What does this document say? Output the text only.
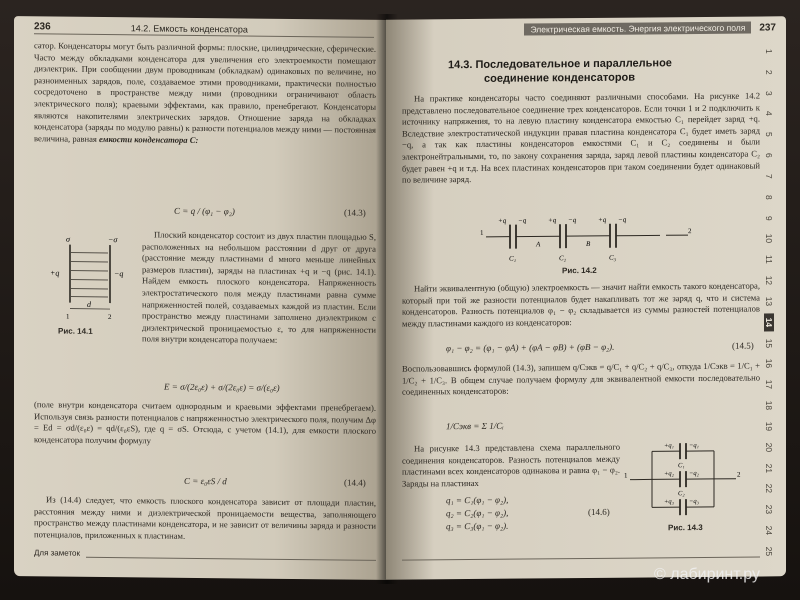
236	14.2. Емкость конденсатора
сатор. Конденсаторы могут быть различной формы: плоские, цилиндрические, сферические. Часто между обкладками конденсатора для увеличения его электроемкости помещают диэлектрик. При сообщении двум проводникам (обкладкам) одинаковых по величине, но разноименных зарядов, поле, создаваемое этими проводниками, практически полностью сосредоточено в пространстве между ними (проводники ограничивают область электрического поля); краевыми эффектами, как правило, пренебрегают. Конденсаторы являются накопителями электрических зарядов. Отношение заряда на обкладках конденсатора (заряды по модулю равны) к разности потенциалов между ними — постоянная величина, равная емкости конденсатора C:
C = q / (φ₁ − φ₂)	(14.3)
σ	−σ
+q	−q
d
1	2
Рис. 14.1
Плоский конденсатор состоит из двух пластин площадью S, расположенных на небольшом расстоянии d друг от друга (расстояние между пластинами d много меньше линейных размеров пластин), заряды на пластинах +q и −q (рис. 14.1). Найдем емкость плоского конденсатора. Напряженность электростатического поля между пластинами равна сумме напряженностей полей, создаваемых каждой из пластин. Если пространство между пластинами заполнено диэлектриком с диэлектрической проницаемостью ε, то для напряженности поля внутри конденсатора получаем:
E = σ/(2ε₀ε) + σ/(2ε₀ε) = σ/(ε₀ε)
(поле внутри конденсатора считаем однородным и краевыми эффектами пренебрегаем). Используя связь разности потенциалов с напряженностью электрического поля, получим Δφ = Ed = σd/(ε₀ε) = qd/(ε₀εS), где q = σS. Отсюда, с учетом (14.1), для емкости плоского конденсатора получим формулу
C = ε₀εS / d	(14.4)
Из (14.4) следует, что емкость плоского конденсатора зависит от площади пластин, расстояния между ними и диэлектрической проницаемости вещества, заполняющего пространство между пластинами конденсатора, и не зависит от величины заряда и разности потенциалов, приложенных к пластинам.
Для заметок
Электрическая емкость. Энергия электрического поля	237
14.3. Последовательное и параллельное
соединение конденсаторов
На практике конденсаторы часто соединяют различными способами. На рисунке 14.2 представлено последовательное соединение трех конденсаторов. Если точки 1 и 2 подключить к источнику напряжения, то на левую пластину конденсатора емкостью C₁ перейдет заряд +q. Вследствие электростатической индукции правая пластина конденсатора C₁ будет иметь заряд −q, а так как пластины конденсаторов емкостями C₁ и C₂ соединены и были электронейтральными, то, по закону сохранения заряда, заряд левой пластины конденсатора C₂ будет равен +q и т.д. На всех пластинах конденсаторов при таком соединении будет одинаковый по величине заряд.
1	2
+q −q	+q −q	+q −q
C₁
A
C₂
B
C₃
Рис. 14.2
Найти эквивалентную (общую) электроемкость — значит найти емкость такого конденсатора, который при той же разности потенциалов будет накапливать тот же заряд q, что и система конденсаторов. Разность потенциалов φ₁ − φ₂ складывается из суммы разностей потенциалов между пластинами каждого из конденсаторов:
φ₁ − φ₂ = (φ₁ − φA) + (φA − φB) + (φB − φ₂).	(14.5)
Воспользовавшись формулой (14.3), запишем q/Cэкв = q/C₁ + q/C₂ + q/C₃, откуда 1/Cэкв = 1/C₁ + 1/C₂ + 1/C₃. В общем случае получаем формулу для эквивалентной емкости последовательно соединенных конденсаторов:
1/Cэкв = Σ 1/Cᵢ
На рисунке 14.3 представлена схема параллельного соединения конденсаторов. Разность потенциалов между пластинами всех конденсаторов одинакова и равна φ₁ − φ₂. Заряды на пластинах
1	2
+q₁ −q₁
C₁
+q₂ −q₂
C₂
+q₃ −q₃
Рис. 14.3
q₁ = C₁(φ₁ − φ₂),
q₂ = C₂(φ₁ − φ₂),
q₃ = C₃(φ₁ − φ₂).
(14.6)
1
2
3
4
5
6
7
8
9
10
11
12
13
14
15
16
17
18
19
20
21
22
23
24
25
© лабиринт.ру
